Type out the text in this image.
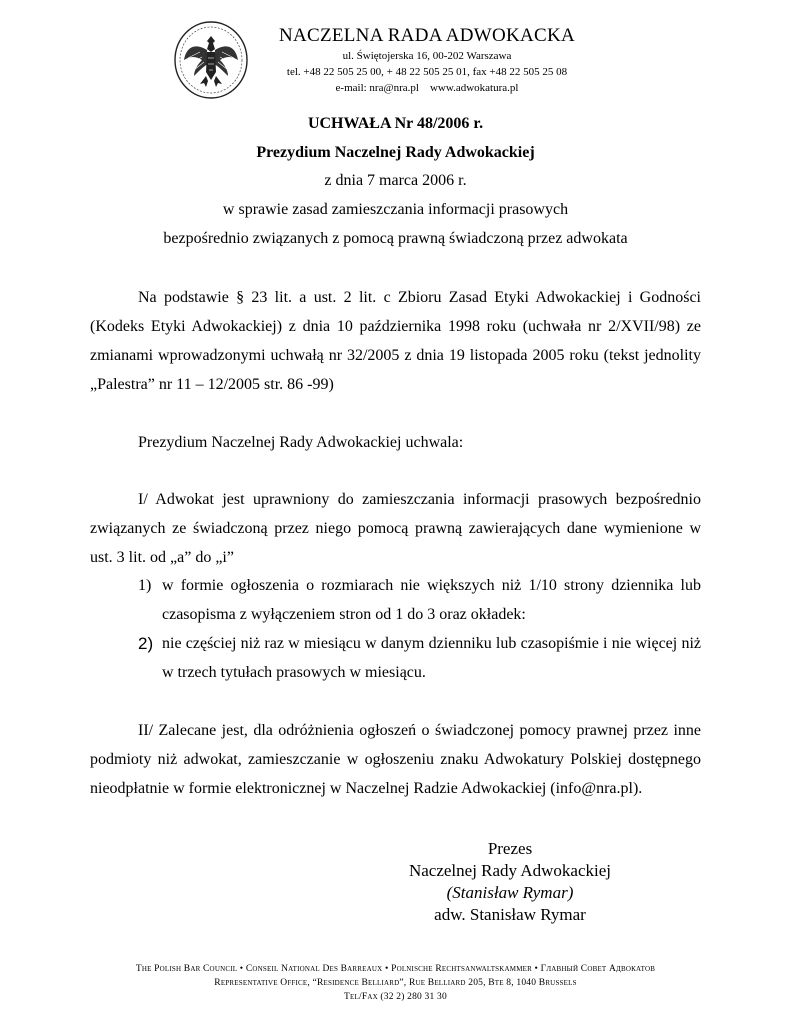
NACZELNA RADA ADWOKACKA
ul. Świętojerska 16, 00-202 Warszawa
tel. +48 22 505 25 00, + 48 22 505 25 01, fax +48 22 505 25 08
e-mail: nra@nra.pl    www.adwokatura.pl
UCHWAŁA Nr 48/2006 r.
Prezydium Naczelnej Rady Adwokackiej
z dnia 7 marca 2006 r.
w sprawie zasad zamieszczania informacji prasowych
bezpośrednio związanych z pomocą prawną świadczoną przez adwokata
Na podstawie § 23 lit. a ust. 2 lit. c Zbioru Zasad Etyki Adwokackiej i Godności (Kodeks Etyki Adwokackiej) z dnia 10 października 1998 roku (uchwała nr 2/XVII/98) ze zmianami wprowadzonymi uchwałą nr 32/2005 z dnia 19 listopada 2005 roku (tekst jednolity „Palestra” nr 11 – 12/2005 str. 86 -99)
Prezydium Naczelnej Rady Adwokackiej uchwala:
I/ Adwokat jest uprawniony do zamieszczania informacji prasowych bezpośrednio związanych ze świadczoną przez niego pomocą prawną zawierających dane wymienione w ust. 3 lit. od „a” do „i”
1) w formie ogłoszenia o rozmiarach nie większych niż 1/10 strony dziennika lub czasopisma z wyłączeniem stron od 1 do 3 oraz okładek:
2) nie częściej niż raz w miesiącu w danym dzienniku lub czasopiśmie i nie więcej niż w trzech tytułach prasowych w miesiącu.
II/ Zalecane jest, dla odróżnienia ogłoszeń o świadczonej pomocy prawnej przez inne podmioty niż adwokat, zamieszczanie w ogłoszeniu znaku Adwokatury Polskiej dostępnego nieodpłatnie w formie elektronicznej w Naczelnej Radzie Adwokackiej (info@nra.pl).
Prezes
Naczelnej Rady Adwokackiej
(Stanisław Rymar)
adw. Stanisław Rymar
The Polish Bar Council • Conseil National Des Barreaux • Polnische Rechtsanwaltskammer • Главный Совет Адвокатов
Representative Office, “Residence Belliard”, Rue Belliard 205, Bte 8, 1040 Brussels
Tel/Fax (32 2) 280 31 30
